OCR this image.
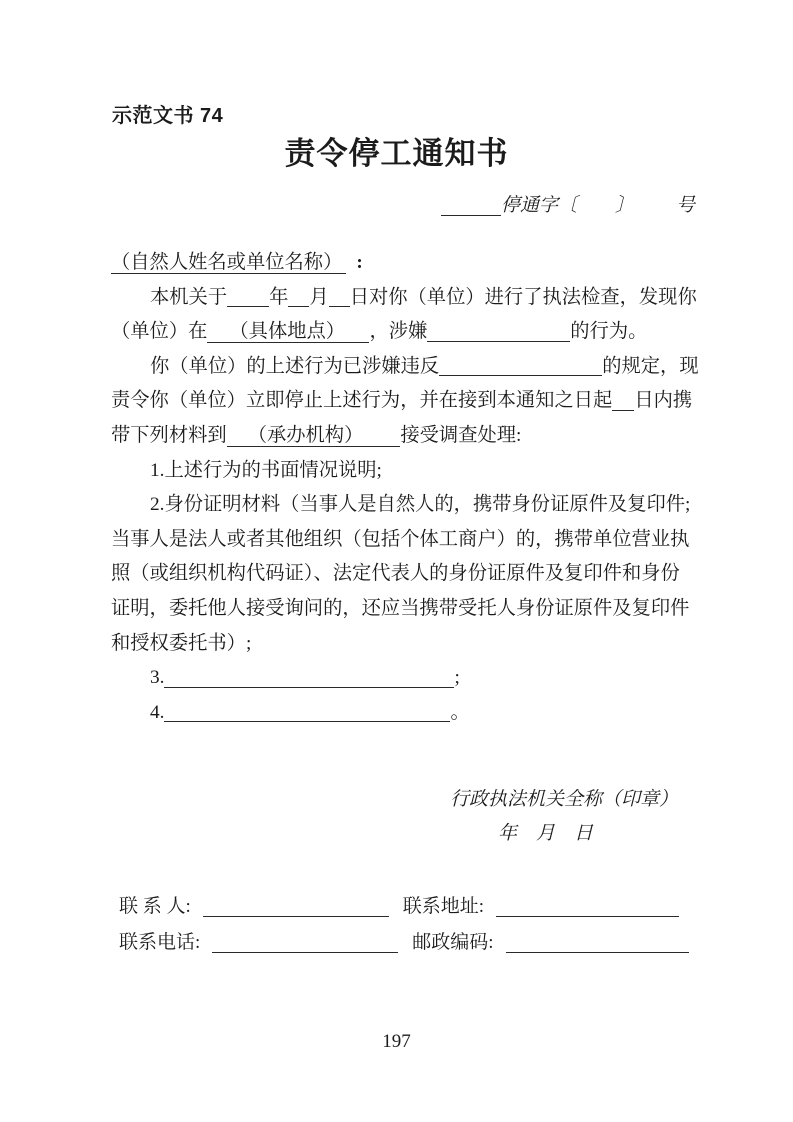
示范文书 74
责令停工通知书
停通字〔 〕 号
（自然人姓名或单位名称） :
本机关于 年 月 日对你（单位）进行了执法检查，发现你
（单位）在 （具体地点） ，涉嫌	的行为。
你（单位）的上述行为已涉嫌违反	的规定，现
责令你（单位）立即停止上述行为，并在接到本通知之日起 日内携
带下列材料到 （承办机构） 接受调查处理:
1.上述行为的书面情况说明;
2.身份证明材料（当事人是自然人的，携带身份证原件及复印件;
当事人是法人或者其他组织（包括个体工商户）的，携带单位营业执
照（或组织机构代码证）、法定代表人的身份证原件及复印件和身份
证明，委托他人接受询问的，还应当携带受托人身份证原件及复印件
和授权委托书）;
3.	;
4.	。
行政执法机关全称（印章）
年　月　日
联 系 人:	联系地址:
联系电话:	邮政编码:
197
